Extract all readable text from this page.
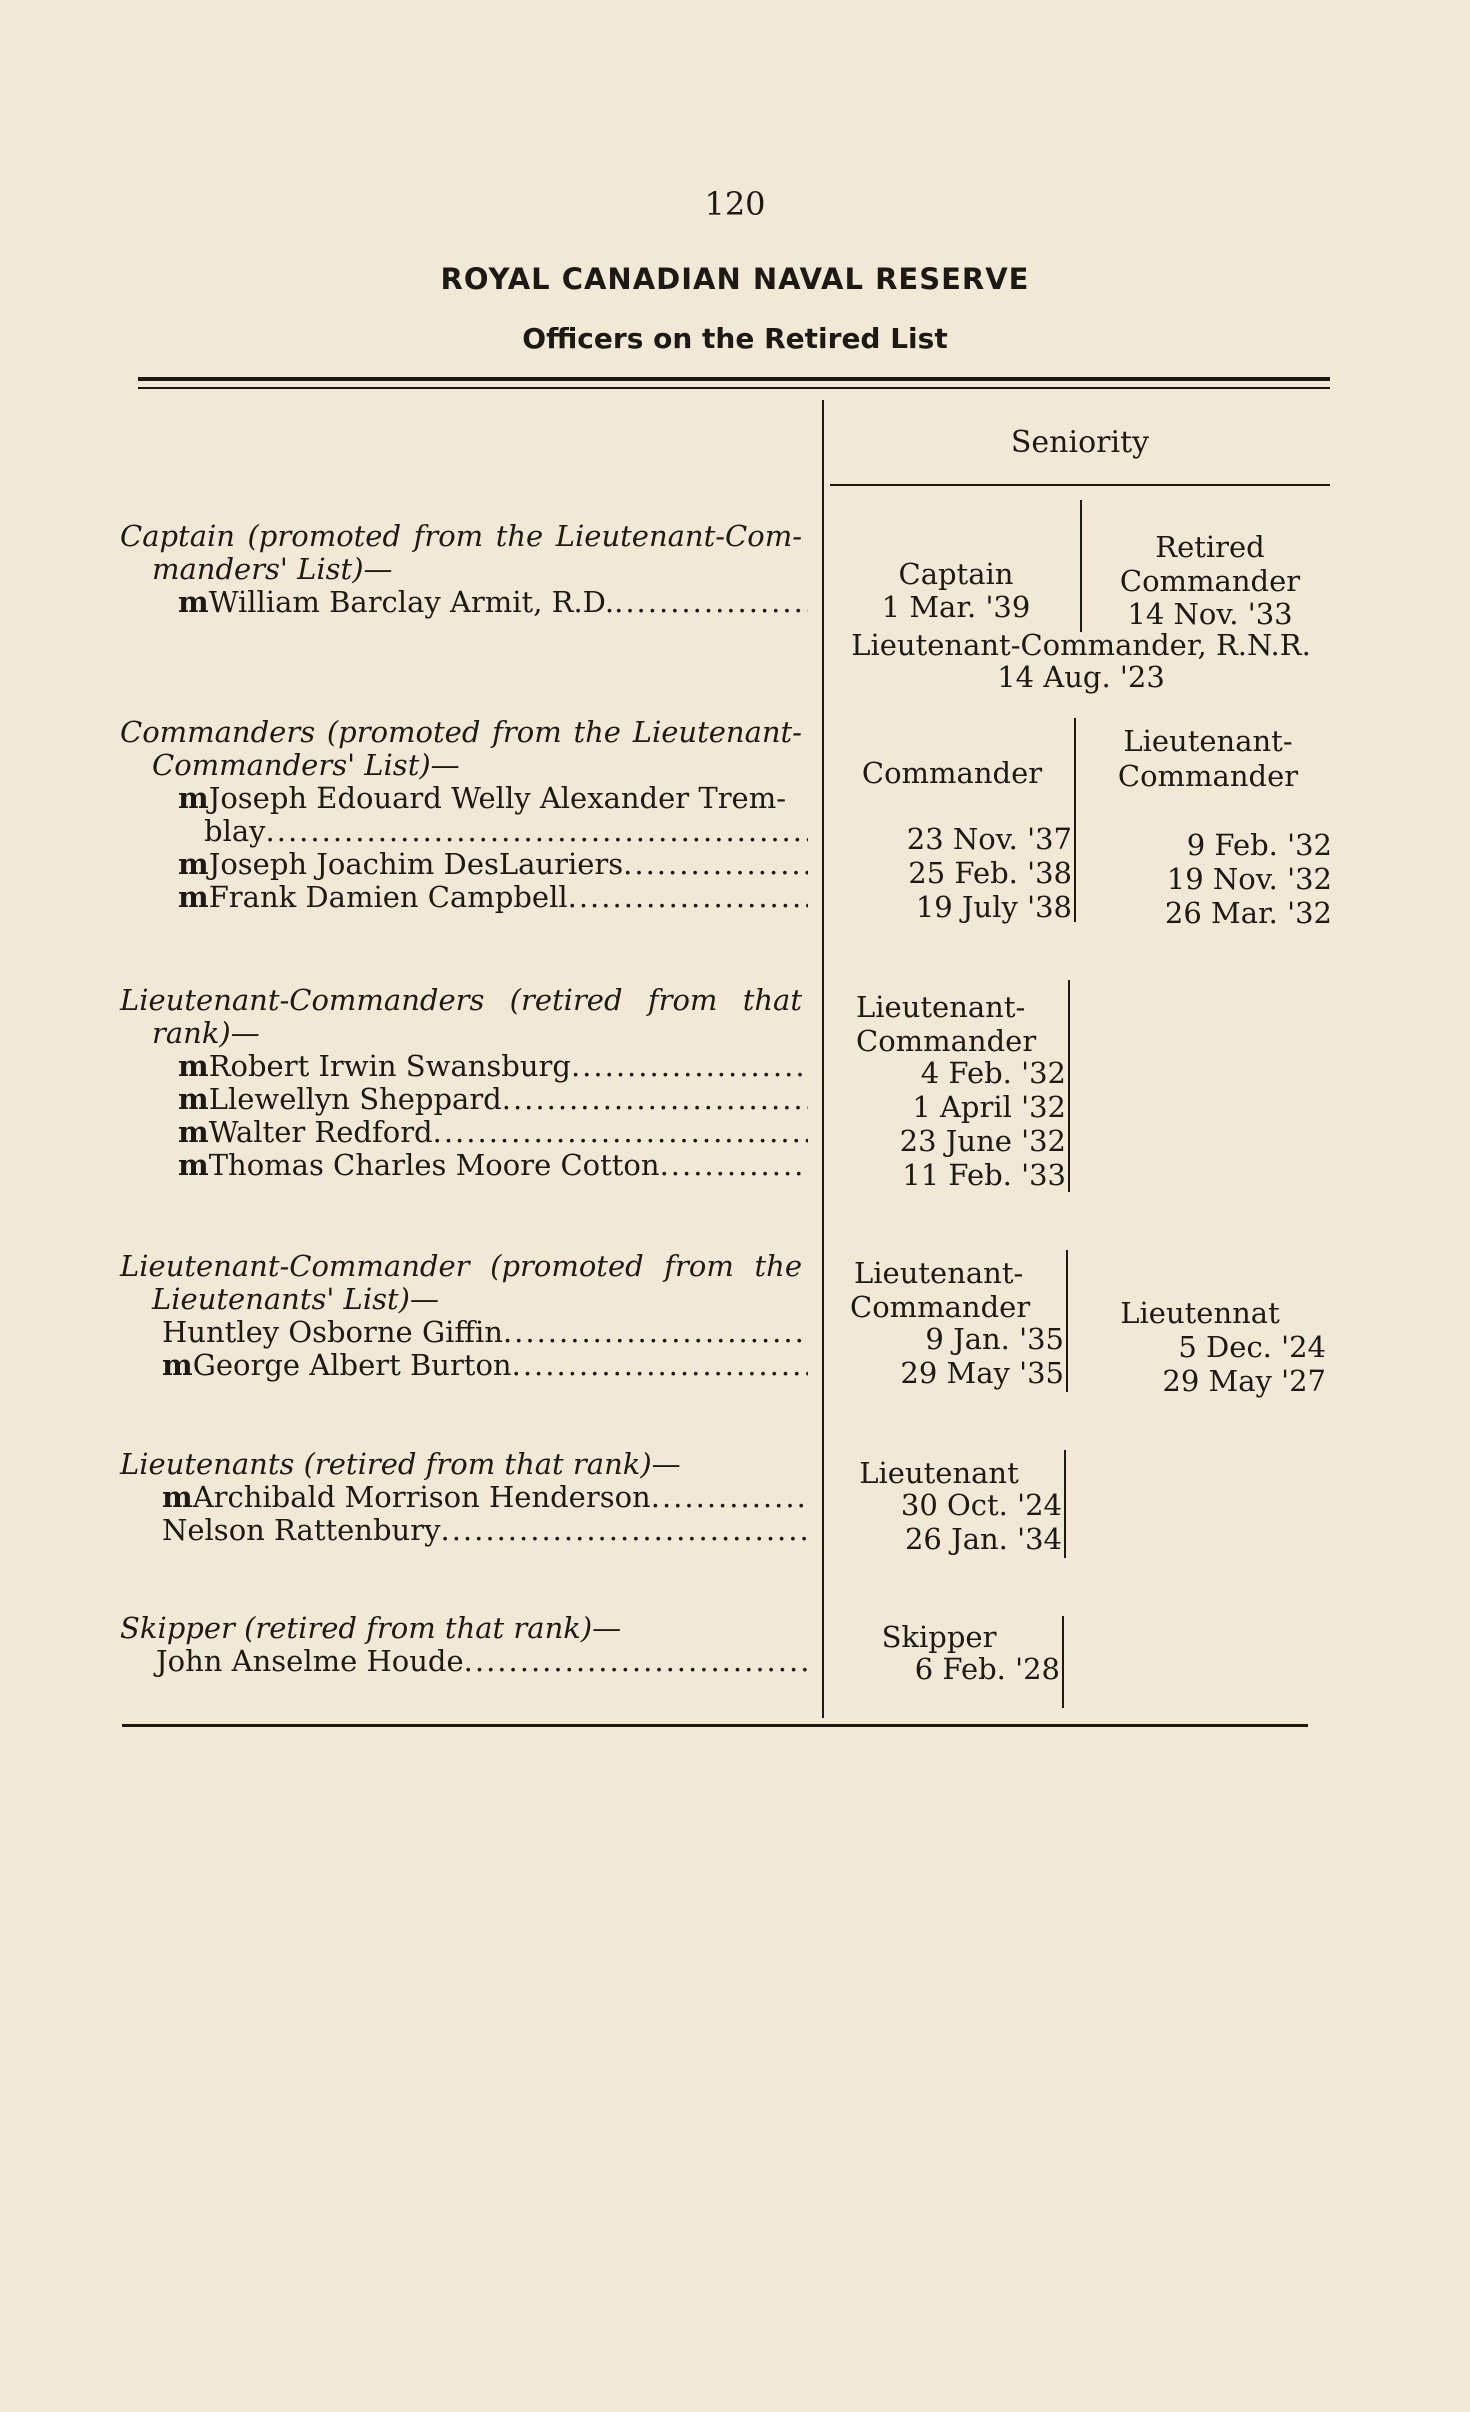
120
ROYAL CANADIAN NAVAL RESERVE
Officers on the Retired List
Seniority
Captain (promoted from the Lieutenant-Com-
manders' List)—
mWilliam Barclay Armit, R.D.
.....
Captain
1 Mar. '39
Retired
Commander
14 Nov. '33
Lieutenant-Commander, R.N.R.
14 Aug. '23
Commanders (promoted from the Lieutenant-
Commanders' List)—
mJoseph Edouard Welly Alexander Trem-
blay
.....
mJoseph Joachim DesLauriers
.....
mFrank Damien Campbell
.....
Commander
23 Nov. '37
25 Feb. '38
19 July '38
Lieutenant-
Commander
9 Feb. '32
19 Nov. '32
26 Mar. '32
Lieutenant-Commanders (retired from that
rank)—
mRobert Irwin Swansburg
.....
mLlewellyn Sheppard
.....
mWalter Redford
.....
mThomas Charles Moore Cotton
.....
Lieutenant-
Commander
4 Feb. '32
1 April '32
23 June '32
11 Feb. '33
Lieutenant-Commander (promoted from the
Lieutenants' List)—
Huntley Osborne Giffin
.....
mGeorge Albert Burton
.....
Lieutenant-
Commander
9 Jan. '35
29 May '35
Lieutennat
5 Dec. '24
29 May '27
Lieutenants (retired from that rank)—
mArchibald Morrison Henderson
.....
Nelson Rattenbury
.....
Lieutenant
30 Oct. '24
26 Jan. '34
Skipper (retired from that rank)—
John Anselme Houde
.....
Skipper
6 Feb. '28
